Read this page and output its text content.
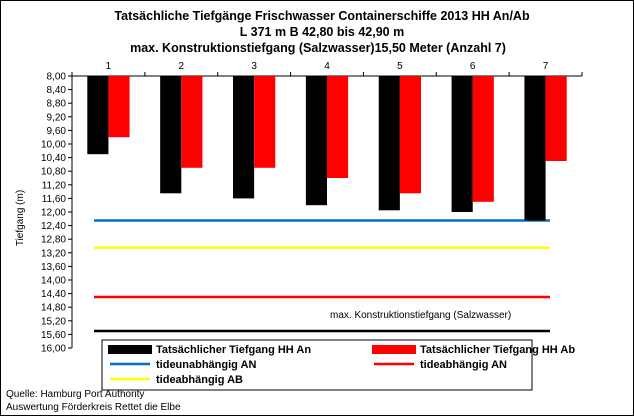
Tatsächliche Tiefgänge Frischwasser Containerschiffe 2013 HH An/Ab
L 371 m B 42,80 bis 42,90 m
max. Konstruktionstiefgang (Salzwasser)15,50 Meter (Anzahl 7)
Tiefgang (m)
8,00
8,40
8,80
9,20
9,60
10,00
10,40
10,80
11,20
11,60
12,00
12,40
12,80
13,20
13,60
14,00
14,40
14,80
15,20
15,60
16,00
1	2	3	4	5	6	7
max. Konstruktionstiefgang (Salzwasser)
Tatsächlicher Tiefgang HH An	Tatsächlicher Tiefgang HH Ab
tideunabhängig AN	tideabhängig AN
tideabhängig AB
Quelle: Hamburg Port Authority
Auswertung Förderkreis Rettet die Elbe
